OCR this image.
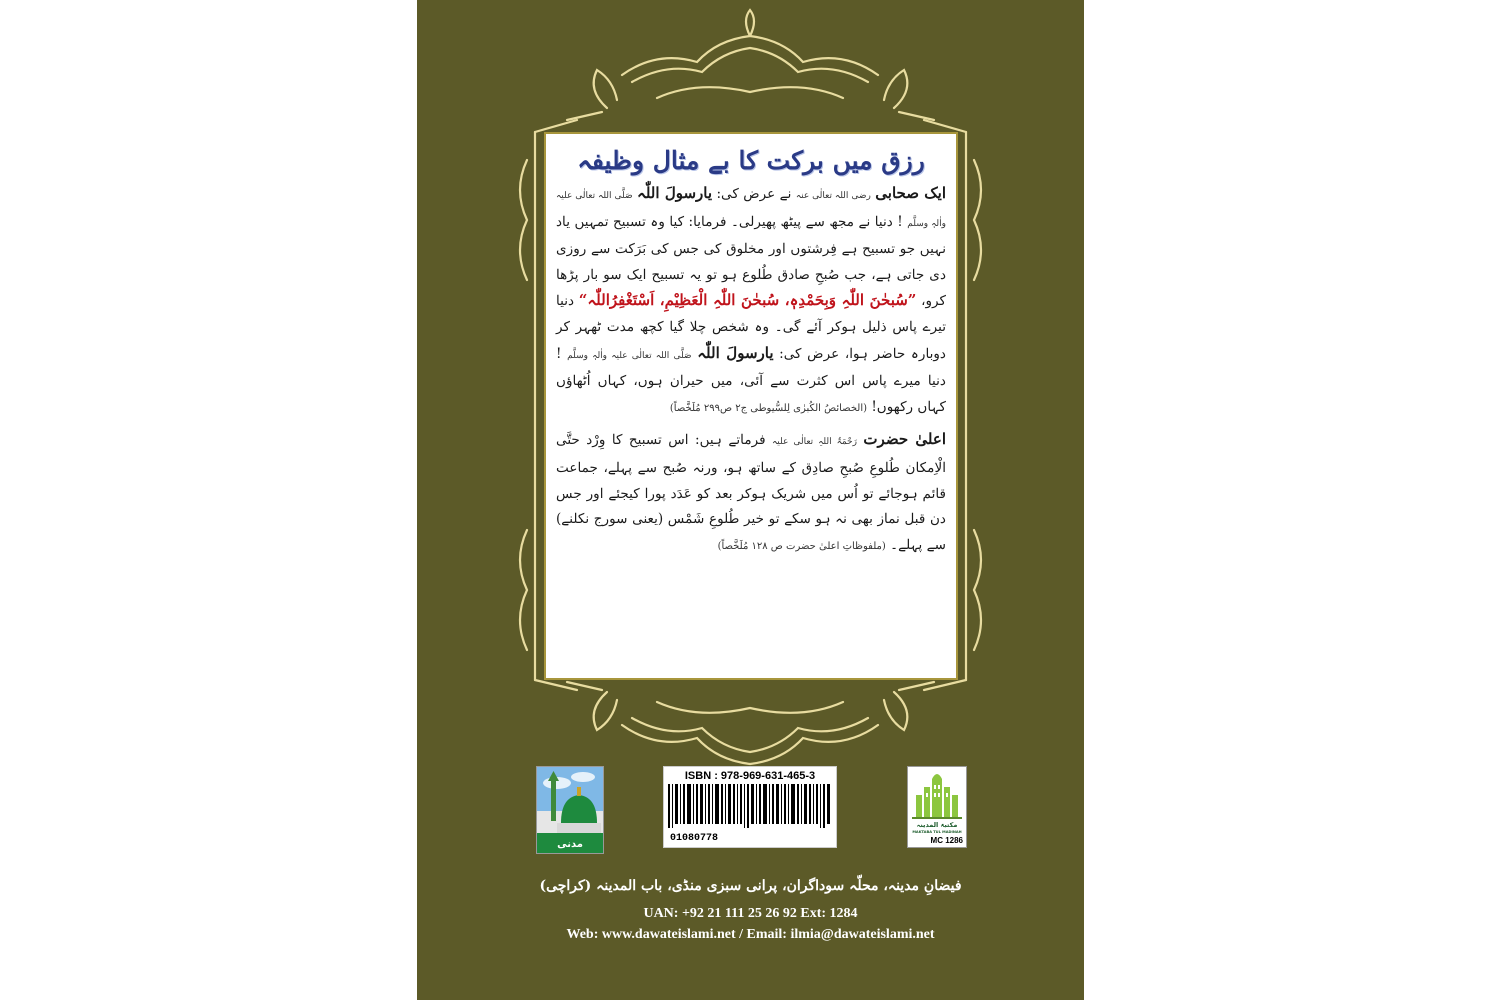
رزق میں برکت کا بے مثال وظیفہ

ایک صحابی رضی اللہ تعالٰی عنہ نے عرض کی: یارسولَ اللّٰہ صَلَّی اللہ تعالٰی علیہ واٰلہٖ وسلَّم ! دنیا نے مجھ سے پیٹھ پھیرلی۔ فرمایا: کیا وہ تسبیح تمہیں یاد نہیں جو تسبیح ہے فِرشتوں اور مخلوق کی جس کی بَرَکت سے روزی دی جاتی ہے، جب صُبحِ صادق طُلوع ہو تو یہ تسبیح ایک سو بار پڑھا کرو، ”سُبحٰنَ اللّٰہِ وَبِحَمْدِہٖ، سُبحٰنَ اللّٰہِ الْعَظِیْمِ، اَسْتَغْفِرُاللّٰہ“ دنیا تیرے پاس ذلیل ہوکر آئے گی۔ وہ شخص چلا گیا کچھ مدت ٹھہر کر دوبارہ حاضر ہوا، عرض کی: یارسولَ اللّٰہ صَلَّی اللہ تعالٰی علیہ واٰلہٖ وسلَّم ! دنیا میرے پاس اس کثرت سے آئی، میں حیران ہوں، کہاں اُٹھاؤں کہاں رکھوں! (الخصائصُ الکُبرٰی لِلسُّیوطی ج۲ ص۲۹۹ مُلَخَّصاً)

اعلیٰ حضرت رَحْمَۃُ اللہِ تعالٰی علیہ فرماتے ہیں: اس تسبیح کا وِرْد حتَّی الْاِمکان طُلوعِ صُبحِ صادِق کے ساتھ ہو، ورنہ صُبح سے پہلے، جماعت قائم ہوجائے تو اُس میں شریک ہوکر بعد کو عَدَد پورا کیجئے اور جس دن قبل نماز بھی نہ ہو سکے تو خیر طُلوعِ شَمْس (یعنی سورج نکلنے) سے پہلے۔ (ملفوظاتِ اعلیٰ حضرت ص ۱۲۸ مُلَخَّصاً)

مدنی
ISBN : 978-969-631-465-3
01080778
مکتبۃ المدینہ
MAKTABA TUL MADINAH
MC 1286
فیضانِ مدینہ، محلّہ سوداگران، پرانی سبزی منڈی، باب المدینہ (کراچی)
UAN: +92 21 111 25 26 92 Ext: 1284
Web: www.dawateislami.net / Email: ilmia@dawateislami.net
